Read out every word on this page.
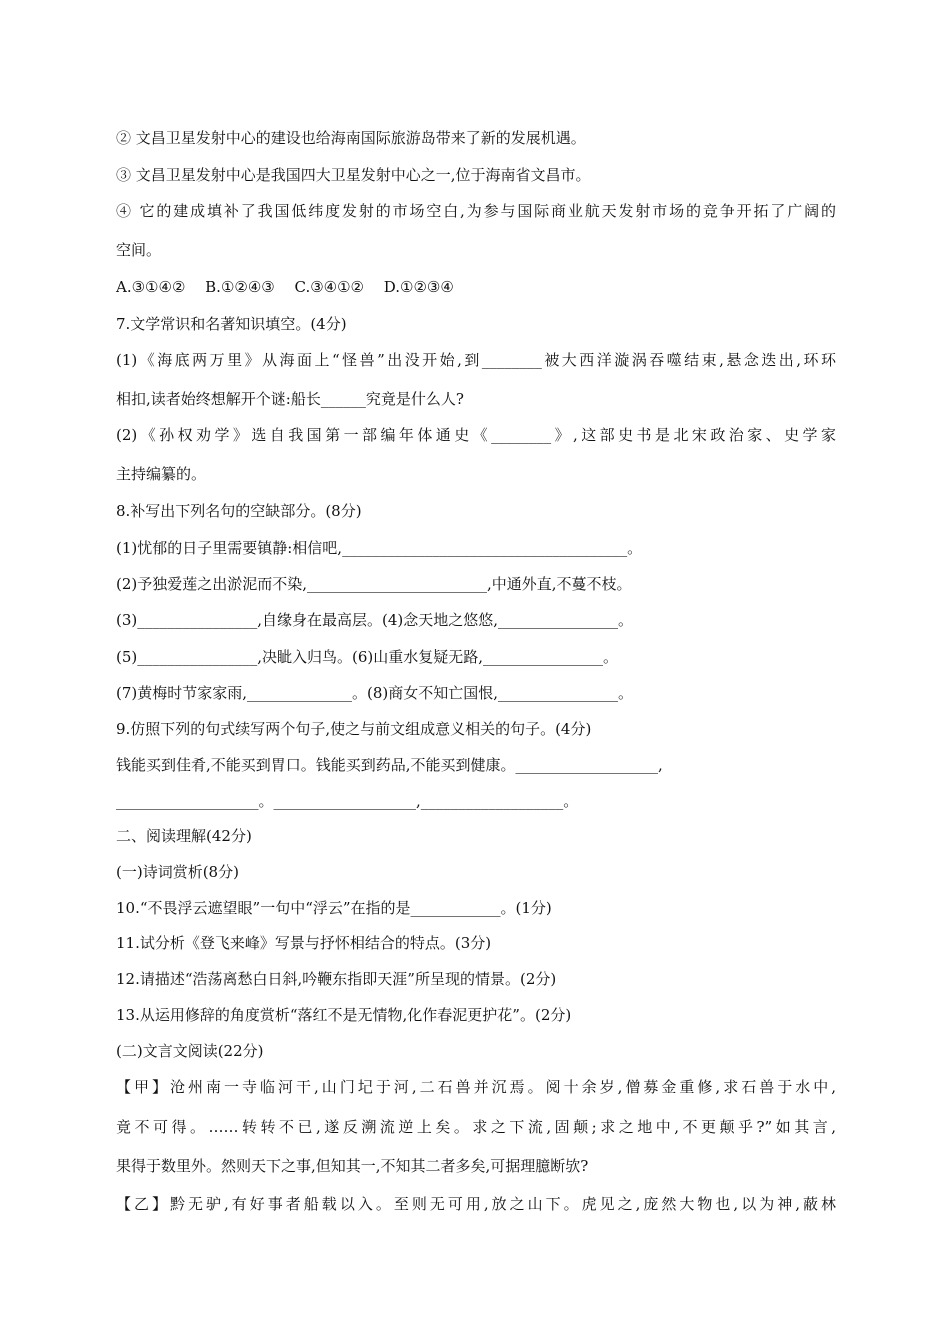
② 文昌卫星发射中心的建设也给海南国际旅游岛带来了新的发展机遇。
③ 文昌卫星发射中心是我国四大卫星发射中心之一,位于海南省文昌市。
④ 它的建成填补了我国低纬度发射的市场空白,为参与国际商业航天发射市场的竞争开拓了广阔的
空间。
A.③①④②　 B.①②④③　 C.③④①②　 D.①②③④
7.文学常识和名著知识填空。(4分)
(1)《海底两万里》从海面上“怪兽”出没开始,到________被大西洋漩涡吞噬结束,悬念迭出,环环
相扣,读者始终想解开个谜:船长______究竟是什么人?
(2)《孙权劝学》选自我国第一部编年体通史《________》,这部史书是北宋政治家、史学家
主持编纂的。
8.补写出下列名句的空缺部分。(8分)
(1)忧郁的日子里需要镇静:相信吧,______________________________________。
(2)予独爱莲之出淤泥而不染,________________________,中通外直,不蔓不枝。
(3)________________,自缘身在最高层。(4)念天地之悠悠,________________。
(5)________________,决眦入归鸟。(6)山重水复疑无路,________________。
(7)黄梅时节家家雨,______________。(8)商女不知亡国恨,________________。
9.仿照下列的句式续写两个句子,使之与前文组成意义相关的句子。(4分)
钱能买到佳肴,不能买到胃口。钱能买到药品,不能买到健康。___________________,
___________________。___________________,___________________。
二、阅读理解(42分)
(一)诗词赏析(8分)
10.“不畏浮云遮望眼”一句中“浮云”在指的是____________。(1分)
11.试分析《登飞来峰》写景与抒怀相结合的特点。(3分)
12.请描述“浩荡离愁白日斜,吟鞭东指即天涯”所呈现的情景。(2分)
13.从运用修辞的角度赏析“落红不是无情物,化作春泥更护花”。(2分)
(二)文言文阅读(22分)
【甲】沧州南一寺临河干,山门圮于河,二石兽并沉焉。阅十余岁,僧募金重修,求石兽于水中,
竟不可得。……转转不已,遂反溯流逆上矣。求之下流,固颠;求之地中,不更颠乎?”如其言,
果得于数里外。然则天下之事,但知其一,不知其二者多矣,可据理臆断欤?
【乙】黔无驴,有好事者船载以入。至则无可用,放之山下。虎见之,庞然大物也,以为神,蔽林
